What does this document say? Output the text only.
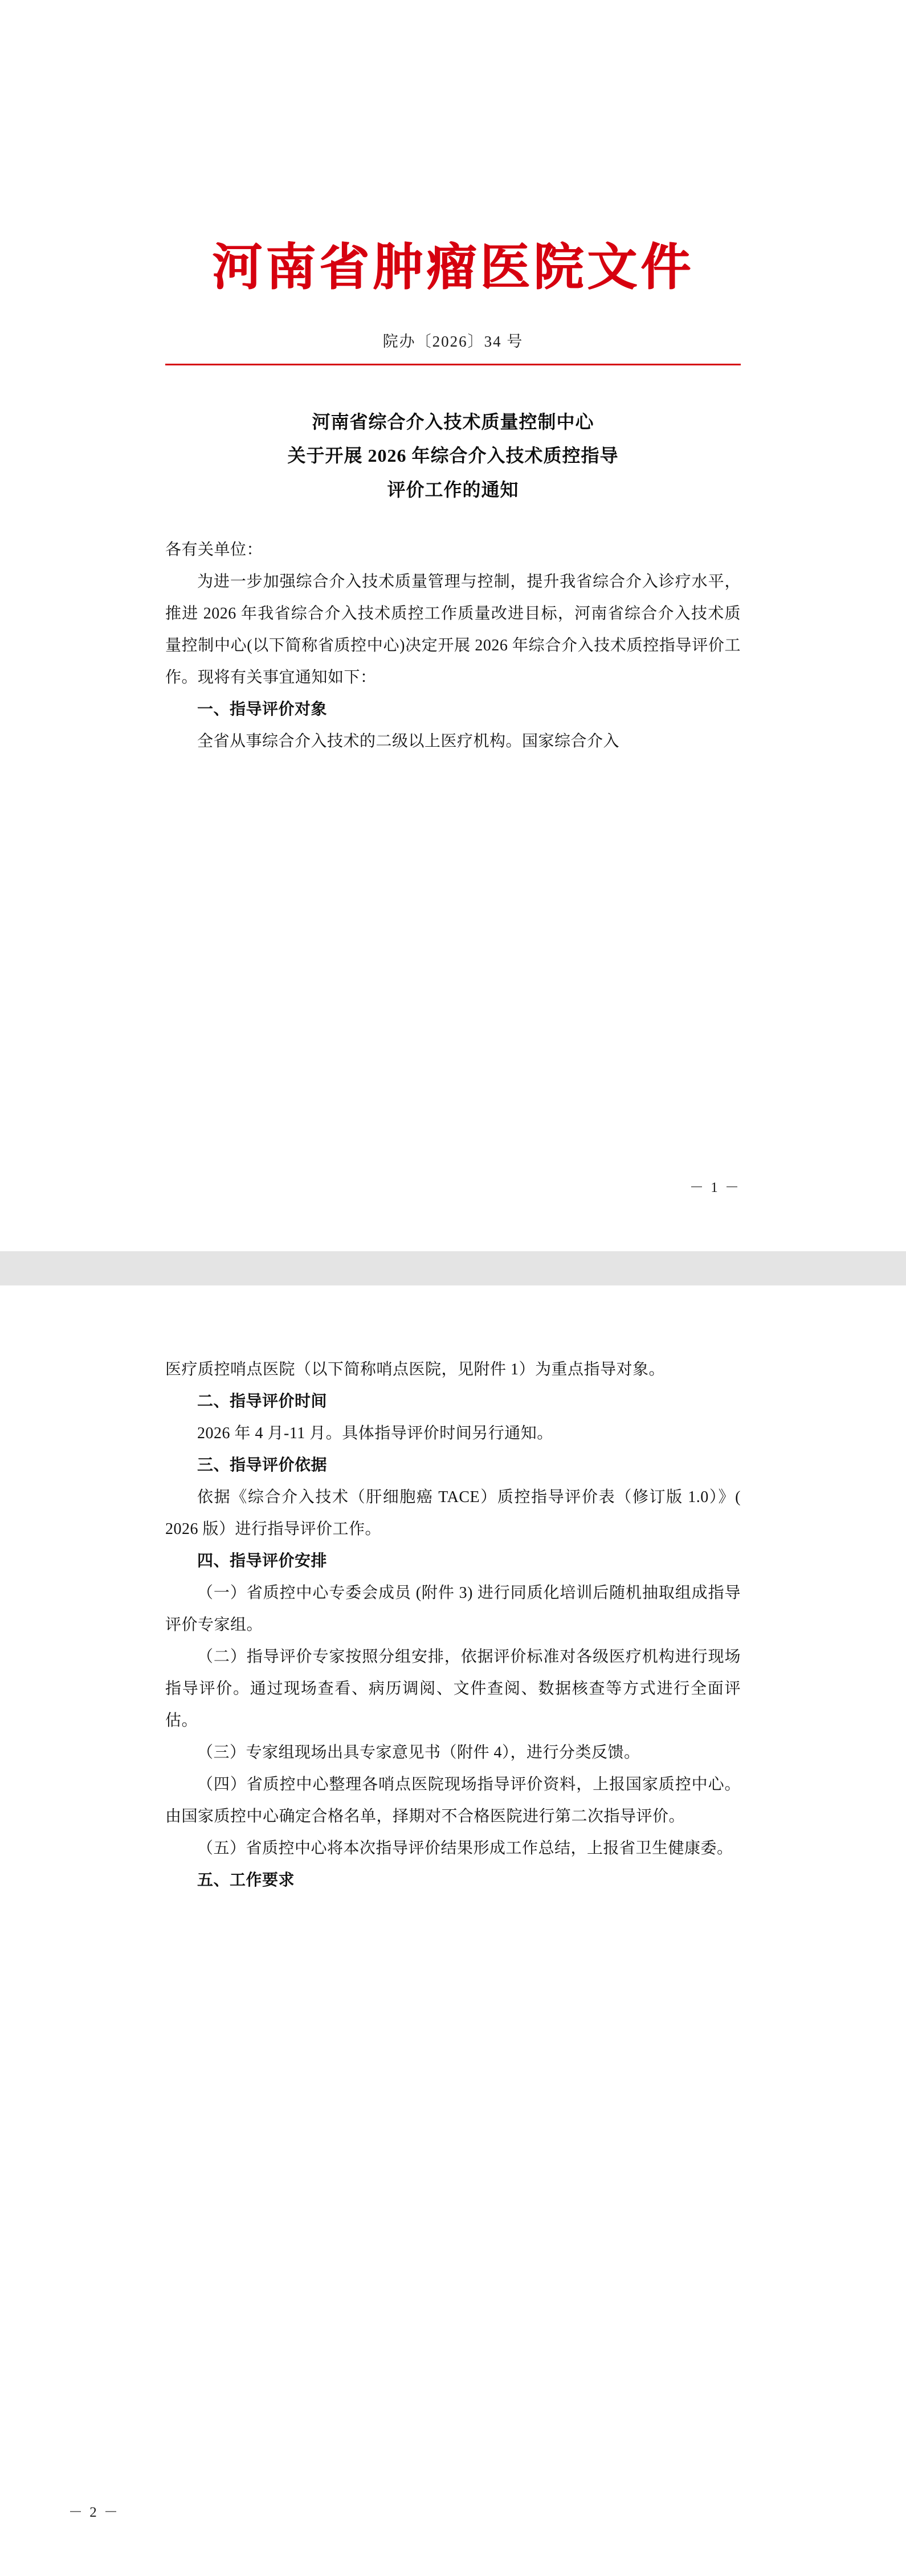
河南省肿瘤医院文件
院办〔2026〕34 号
河南省综合介入技术质量控制中心
关于开展 2026 年综合介入技术质控指导
评价工作的通知

各有关单位：

为进一步加强综合介入技术质量管理与控制，提升我省综合介入诊疗水平，推进 2026 年我省综合介入技术质控工作质量改进目标，河南省综合介入技术质量控制中心(以下简称省质控中心)决定开展 2026 年综合介入技术质控指导评价工作。现将有关事宜通知如下：

一、指导评价对象

全省从事综合介入技术的二级以上医疗机构。国家综合介入

－ 1 －

医疗质控哨点医院（以下简称哨点医院，见附件 1）为重点指导对象。

二、指导评价时间

2026 年 4 月-11 月。具体指导评价时间另行通知。

三、指导评价依据

依据《综合介入技术（肝细胞癌 TACE）质控指导评价表（修订版 1.0）》( 2026 版）进行指导评价工作。

四、指导评价安排

（一）省质控中心专委会成员 (附件 3) 进行同质化培训后随机抽取组成指导评价专家组。

（二）指导评价专家按照分组安排，依据评价标准对各级医疗机构进行现场指导评价。通过现场查看、病历调阅、文件查阅、数据核查等方式进行全面评估。

（三）专家组现场出具专家意见书（附件 4），进行分类反馈。

（四）省质控中心整理各哨点医院现场指导评价资料，上报国家质控中心。由国家质控中心确定合格名单，择期对不合格医院进行第二次指导评价。

（五）省质控中心将本次指导评价结果形成工作总结，上报省卫生健康委。

五、工作要求

－ 2 －
